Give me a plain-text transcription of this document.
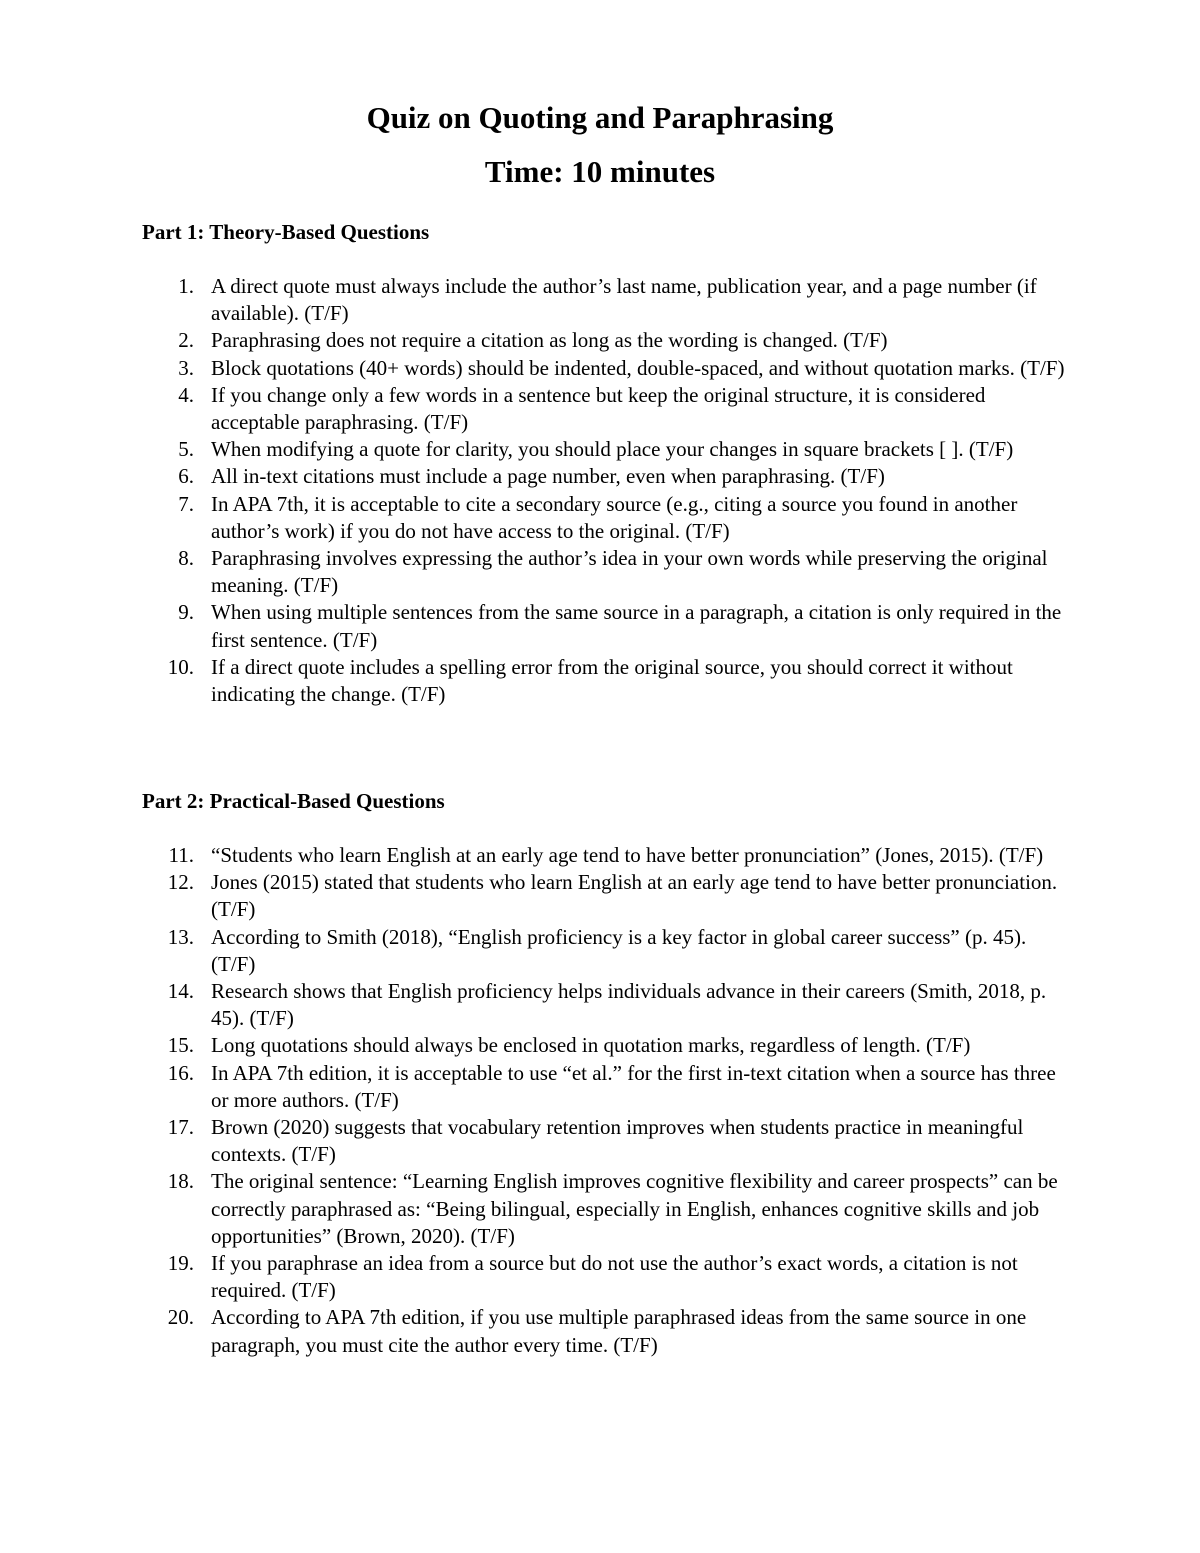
Quiz on Quoting and Paraphrasing
Time: 10 minutes
Part 1: Theory-Based Questions
1. A direct quote must always include the author’s last name, publication year, and a page number (if available). (T/F)
2. Paraphrasing does not require a citation as long as the wording is changed. (T/F)
3. Block quotations (40+ words) should be indented, double-spaced, and without quotation marks. (T/F)
4. If you change only a few words in a sentence but keep the original structure, it is considered acceptable paraphrasing. (T/F)
5. When modifying a quote for clarity, you should place your changes in square brackets [ ]. (T/F)
6. All in-text citations must include a page number, even when paraphrasing. (T/F)
7. In APA 7th, it is acceptable to cite a secondary source (e.g., citing a source you found in another author’s work) if you do not have access to the original. (T/F)
8. Paraphrasing involves expressing the author’s idea in your own words while preserving the original meaning. (T/F)
9. When using multiple sentences from the same source in a paragraph, a citation is only required in the first sentence. (T/F)
10. If a direct quote includes a spelling error from the original source, you should correct it without indicating the change. (T/F)
Part 2: Practical-Based Questions
11. “Students who learn English at an early age tend to have better pronunciation” (Jones, 2015). (T/F)
12. Jones (2015) stated that students who learn English at an early age tend to have better pronunciation. (T/F)
13. According to Smith (2018), “English proficiency is a key factor in global career success” (p. 45). (T/F)
14. Research shows that English proficiency helps individuals advance in their careers (Smith, 2018, p. 45). (T/F)
15. Long quotations should always be enclosed in quotation marks, regardless of length. (T/F)
16. In APA 7th edition, it is acceptable to use “et al.” for the first in-text citation when a source has three or more authors. (T/F)
17. Brown (2020) suggests that vocabulary retention improves when students practice in meaningful contexts. (T/F)
18. The original sentence: “Learning English improves cognitive flexibility and career prospects” can be correctly paraphrased as: “Being bilingual, especially in English, enhances cognitive skills and job opportunities” (Brown, 2020). (T/F)
19. If you paraphrase an idea from a source but do not use the author’s exact words, a citation is not required. (T/F)
20. According to APA 7th edition, if you use multiple paraphrased ideas from the same source in one paragraph, you must cite the author every time. (T/F)
